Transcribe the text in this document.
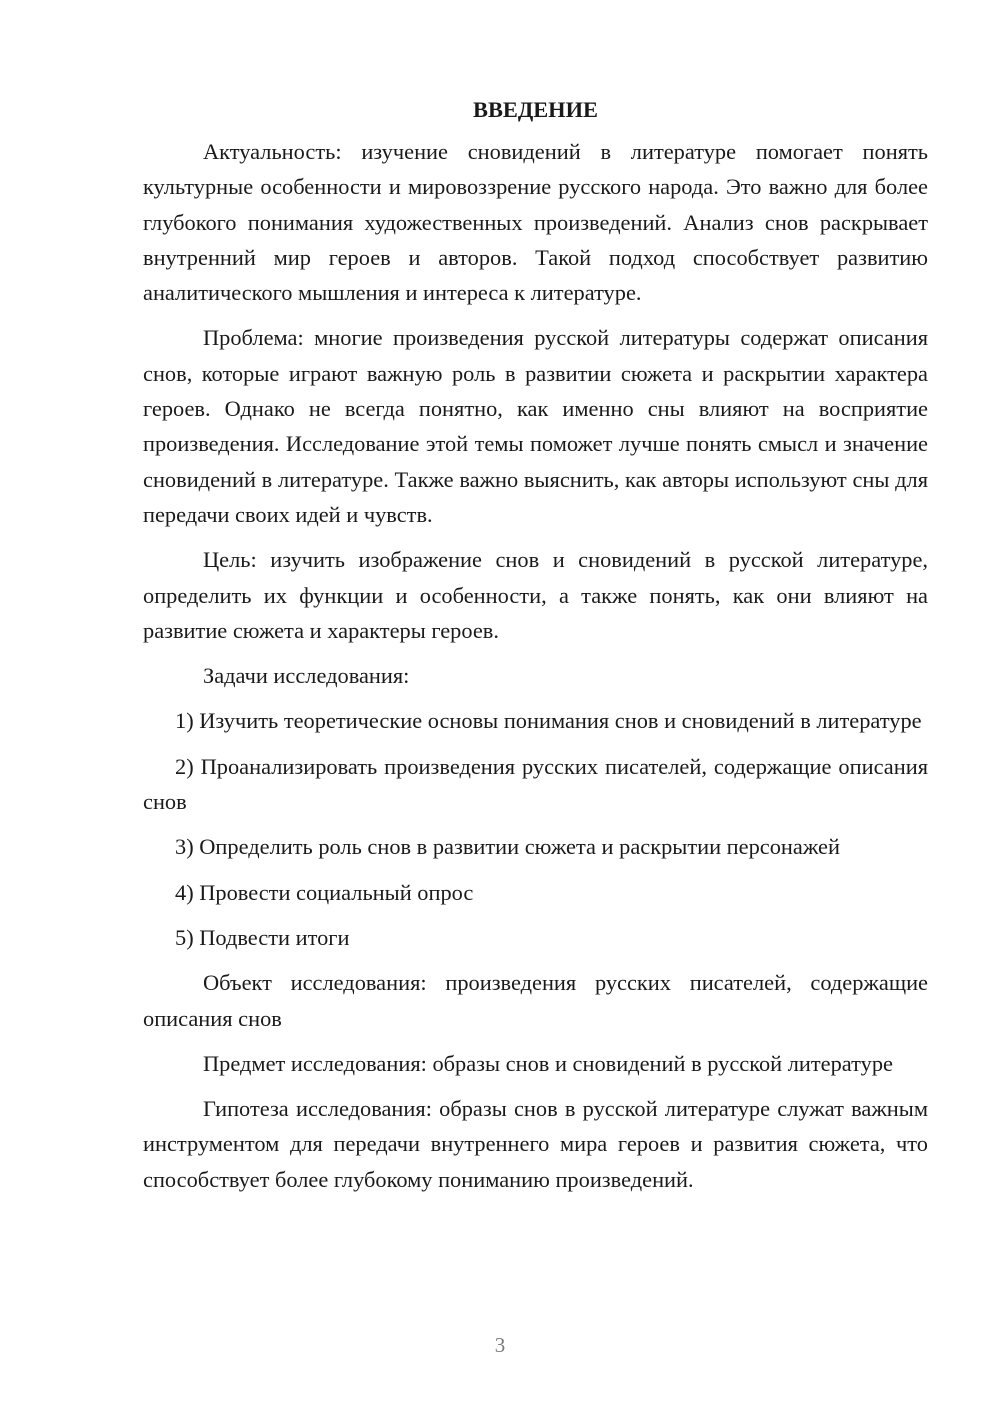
ВВЕДЕНИЕ

Актуальность: изучение сновидений в литературе помогает понять культурные особенности и мировоззрение русского народа. Это важно для более глубокого понимания художественных произведений. Анализ снов раскрывает внутренний мир героев и авторов. Такой подход способствует развитию аналитического мышления и интереса к литературе.

Проблема: многие произведения русской литературы содержат описания снов, которые играют важную роль в развитии сюжета и раскрытии характера героев. Однако не всегда понятно, как именно сны влияют на восприятие произведения. Исследование этой темы поможет лучше понять смысл и значение сновидений в литературе. Также важно выяснить, как авторы используют сны для передачи своих идей и чувств.

Цель: изучить изображение снов и сновидений в русской литературе, определить их функции и особенности, а также понять, как они влияют на развитие сюжета и характеры героев.

Задачи исследования:

1) Изучить теоретические основы понимания снов и сновидений в литературе

2) Проанализировать произведения русских писателей, содержащие описания снов

3) Определить роль снов в развитии сюжета и раскрытии персонажей

4) Провести социальный опрос

5) Подвести итоги

Объект исследования: произведения русских писателей, содержащие описания снов

Предмет исследования: образы снов и сновидений в русской литературе

Гипотеза исследования: образы снов в русской литературе служат важным инструментом для передачи внутреннего мира героев и развития сюжета, что способствует более глубокому пониманию произведений.

3
